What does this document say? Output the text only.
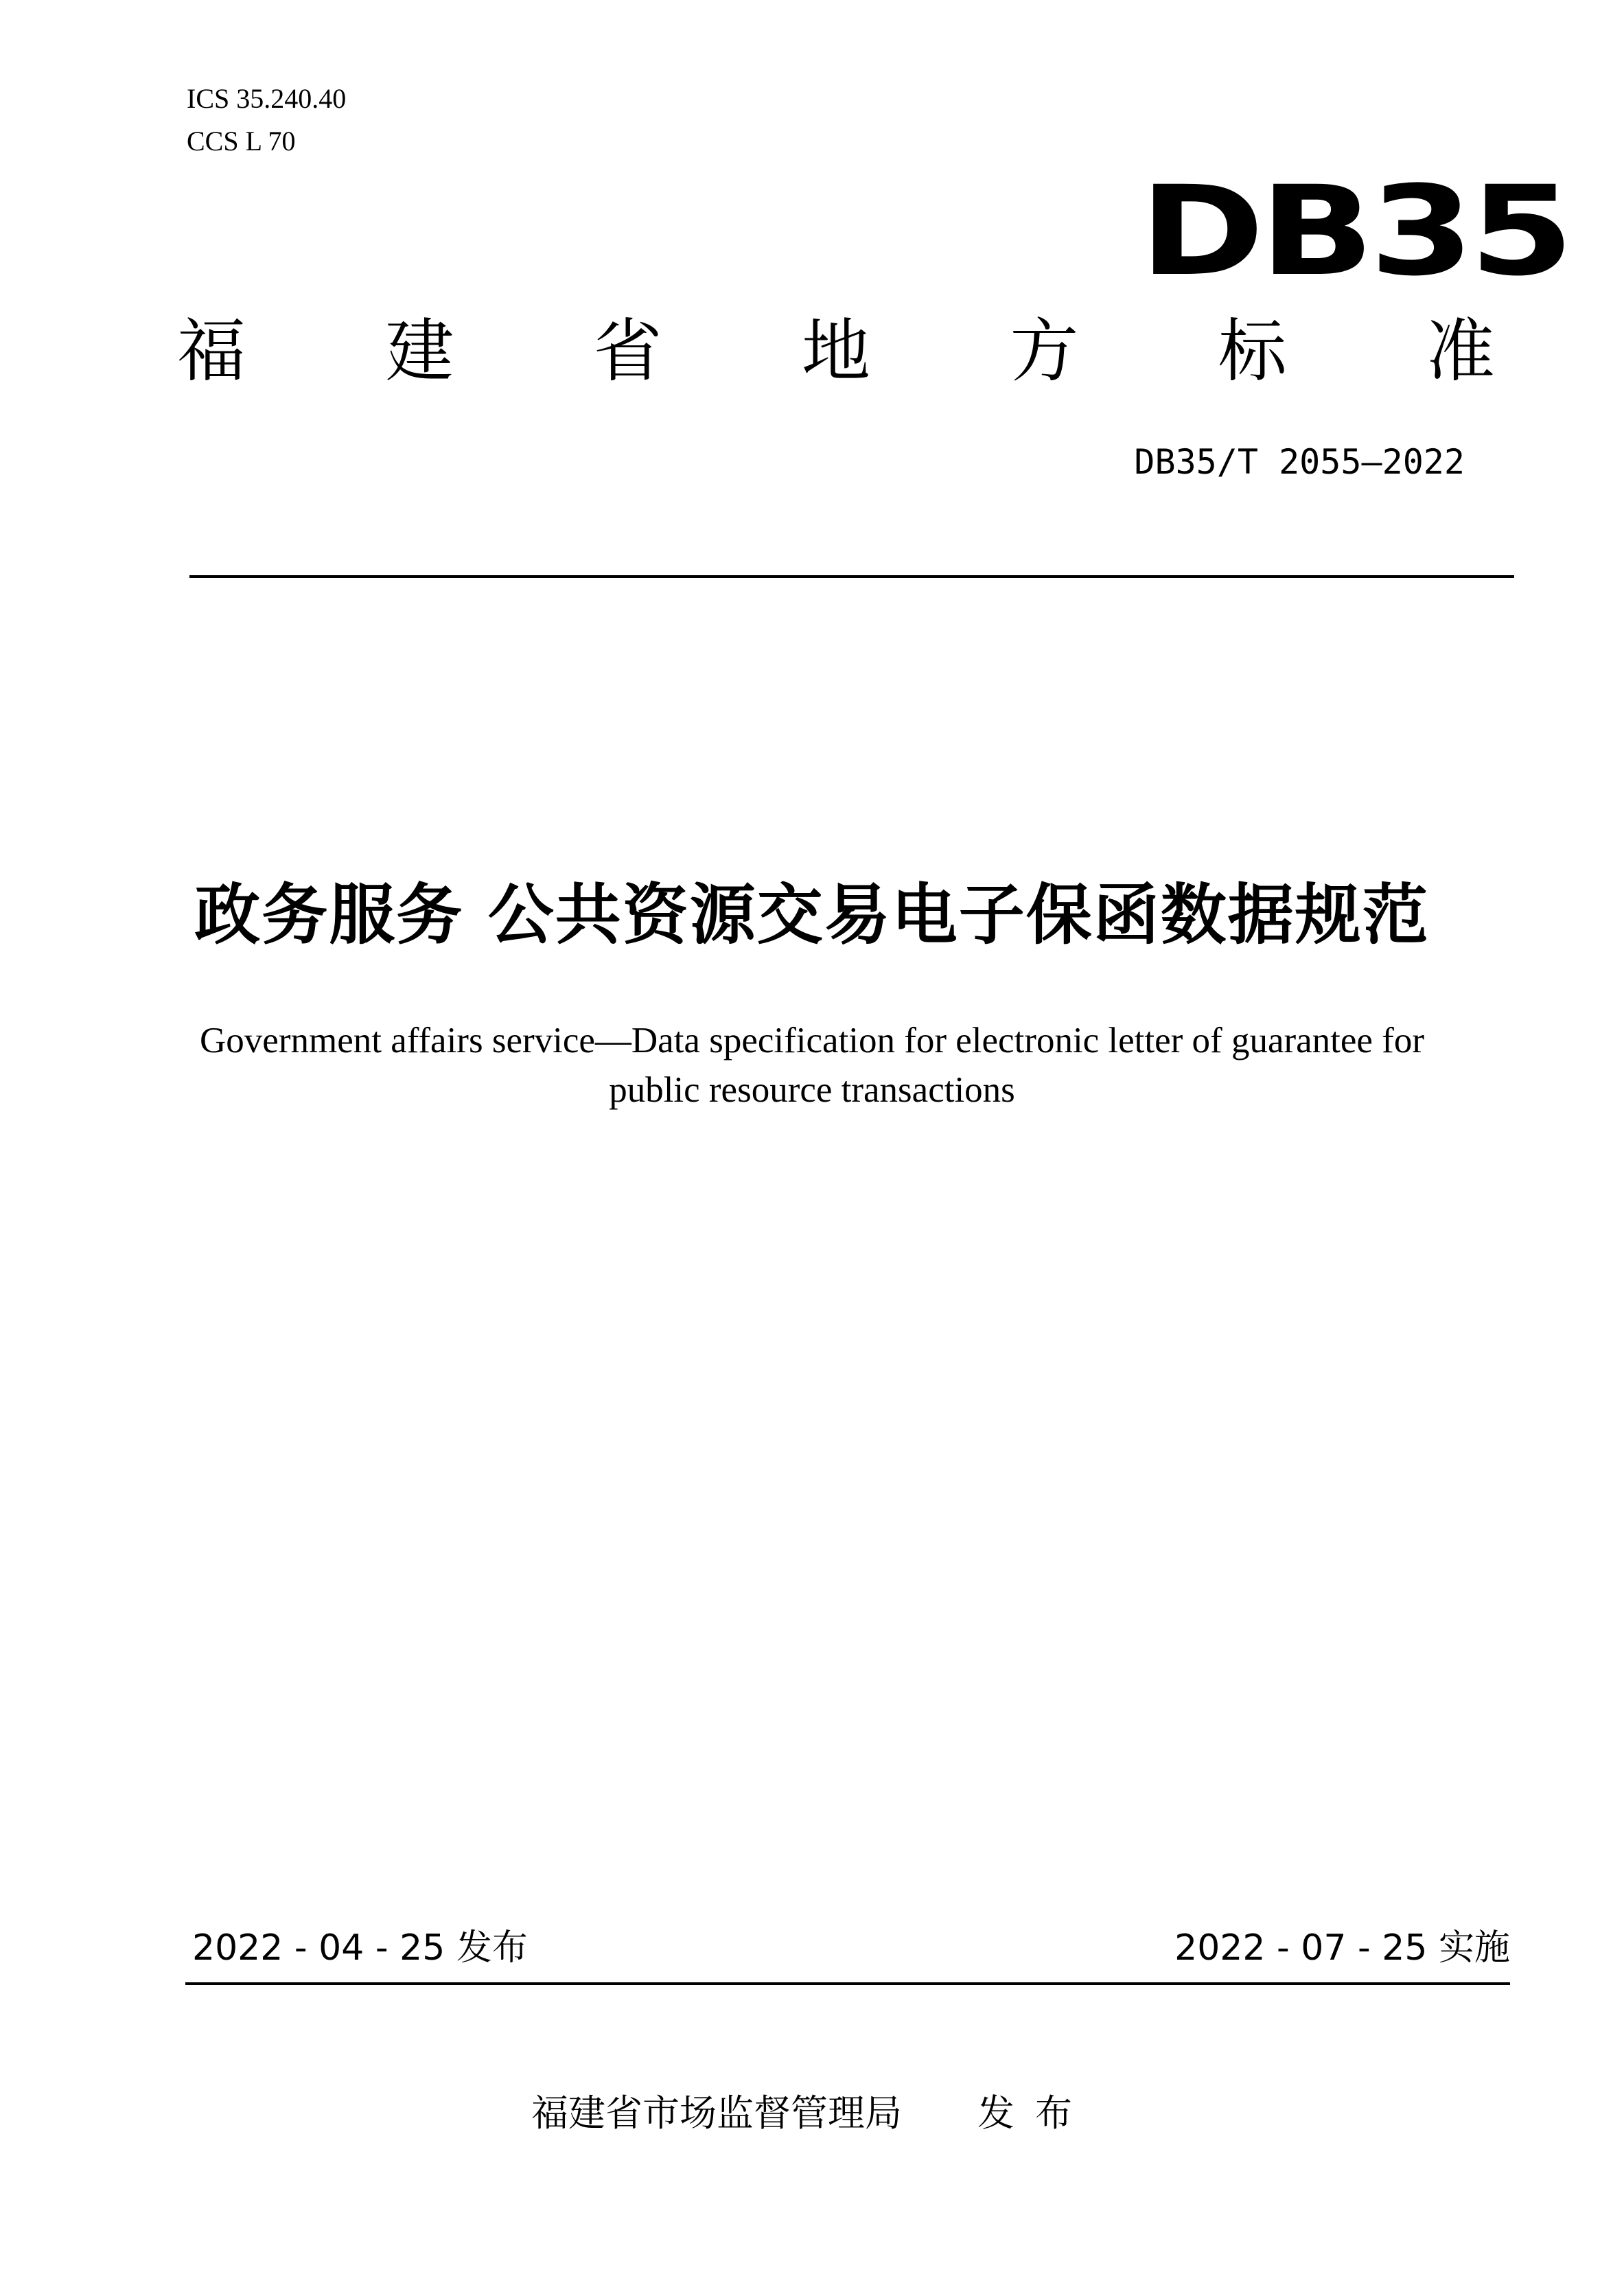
ICS 35.240.40
CCS L 70
DB35
福 建 省 地 方 标 准
DB35/T 2055—2022
政务服务 公共资源交易电子保函数据规范
Government affairs service—Data specification for electronic letter of guarantee for
public resource transactions
2022 - 04 - 25 发布	2022 - 07 - 25 实施
福建省市场监督管理局 发布
